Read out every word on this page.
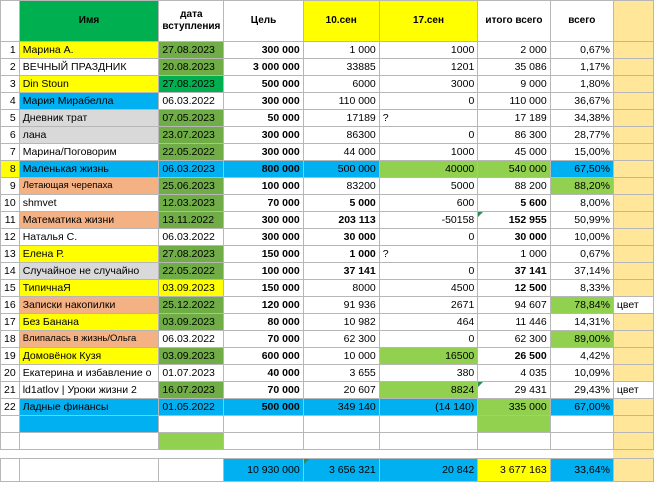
	Имя	дата вступления	Цель	10.сен	17.сен	итого всего	всего	
1	Марина А.	27.08.2023	300 000	1 000	1000	2 000	0,67%	
2	ВЕЧНЫЙ ПРАЗДНИК	20.08.2023	3 000 000	33885	1201	35 086	1,17%	
3	Din Stoun	27.08.2023	500 000	6000	3000	9 000	1,80%	
4	Мария Мирабелла	06.03.2022	300 000	110 000	0	110 000	36,67%	
5	Дневник трат	07.05.2023	50 000	17189	?	17 189	34,38%	
6	лана	23.07.2023	300 000	86300	0	86 300	28,77%	
7	Марина/Поговорим	22.05.2022	300 000	44 000	1000	45 000	15,00%	
8	Маленькая жизнь	06.03.2023	800 000	500 000	40000	540 000	67,50%	
9	Летающая черепаха	25.06.2023	100 000	83200	5000	88 200	88,20%	
10	shmvet	12.03.2023	70 000	5 000	600	5 600	8,00%	
11	Математика жизни	13.11.2022	300 000	203 113	-50158	152 955	50,99%	
12	Наталья С.	06.03.2022	300 000	30 000	0	30 000	10,00%	
13	Елена Р.	27.08.2023	150 000	1 000	?	1 000	0,67%	
14	Случайное не случайно	22.05.2022	100 000	37 141	0	37 141	37,14%	
15	ТипичнаЯ	03.09.2023	150 000	8000	4500	12 500	8,33%	
16	Записки накопилки	25.12.2022	120 000	91 936	2671	94 607	78,84%	цвет
17	Без Банана	03.09.2023	80 000	10 982	464	11 446	14,31%	
18	Влипалась в жизнь/Ольга	06.03.2022	70 000	62 300	0	62 300	89,00%	
19	Домовёнок Кузя	03.09.2023	600 000	10 000	16500	26 500	4,42%	
20	Екатерина и избавление о	01.07.2023	40 000	3 655	380	4 035	10,09%	
21	ld1atlov | Уроки жизни 2	16.07.2023	70 000	20 607	8824	29 431	29,43%	цвет
22	Ладные финансы	01.05.2022	500 000	349 140	(14 140)	335 000	67,00%	

			10 930 000	3 656 321	20 842	3 677 163	33,64%	
